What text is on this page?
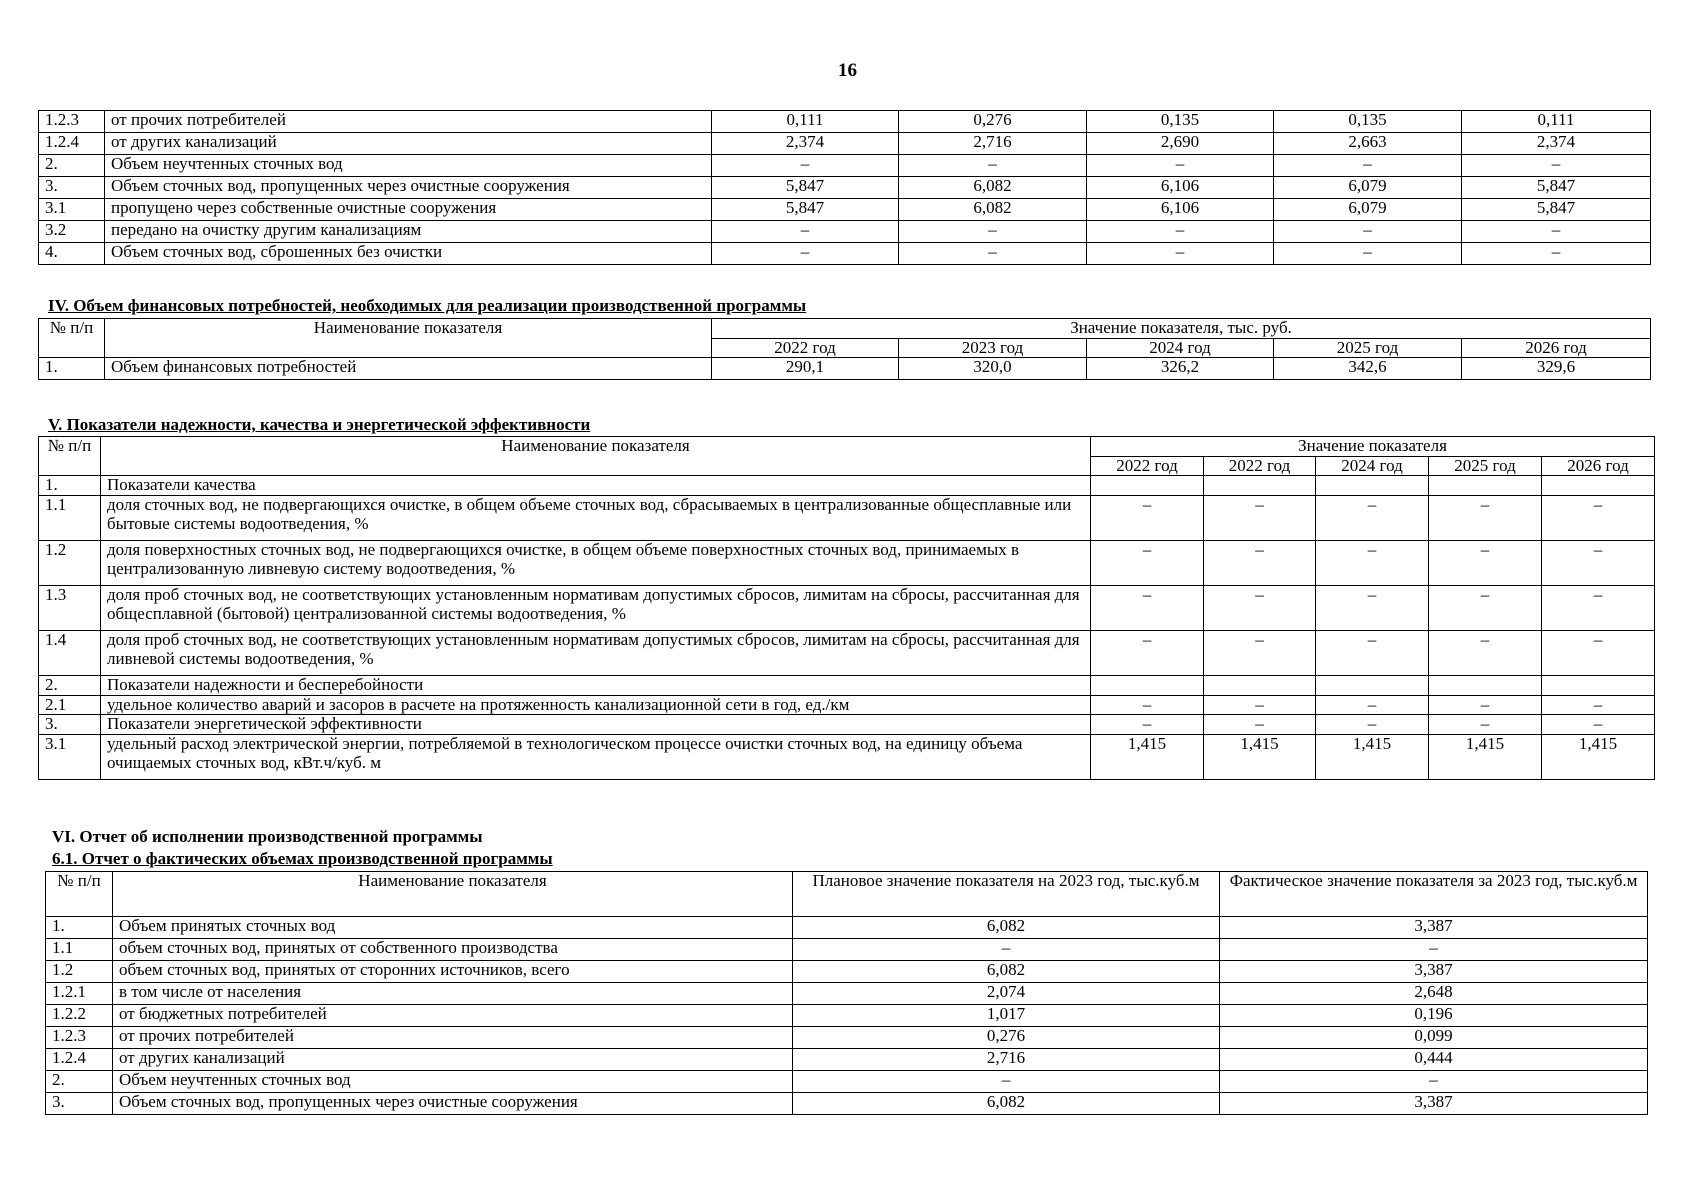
16
1.2.3	от прочих потребителей	0,111	0,276	0,135	0,135	0,111
1.2.4	от других канализаций	2,374	2,716	2,690	2,663	2,374
2.	Объем неучтенных сточных вод	–	–	–	–	–
3.	Объем сточных вод, пропущенных через очистные сооружения	5,847	6,082	6,106	6,079	5,847
3.1	пропущено через собственные очистные сооружения	5,847	6,082	6,106	6,079	5,847
3.2	передано на очистку другим канализациям	–	–	–	–	–
4.	Объем сточных вод, сброшенных без очистки	–	–	–	–	–
IV. Объем финансовых потребностей, необходимых для реализации производственной программы
№ п/п	Наименование показателя	Значение показателя, тыс. руб.				
		2022 год	2023 год	2024 год	2025 год	2026 год
1.	Объем финансовых потребностей	290,1	320,0	326,2	342,6	329,6
V. Показатели надежности, качества и энергетической эффективности
№ п/п	Наименование показателя	Значение показателя				
		2022 год	2022 год	2024 год	2025 год	2026 год
1.	Показатели качества					
1.1	доля сточных вод, не подвергающихся очистке, в общем объеме сточных вод, сбрасываемых в централизованные общесплавные или бытовые системы водоотведения, %	–	–	–	–	–
1.2	доля поверхностных сточных вод, не подвергающихся очистке, в общем объеме поверхностных сточных вод, принимаемых в централизованную ливневую систему водоотведения, %	–	–	–	–	–
1.3	доля проб сточных вод, не соответствующих установленным нормативам допустимых сбросов, лимитам на сбросы, рассчитанная для общесплавной (бытовой) централизованной системы водоотведения, %	–	–	–	–	–
1.4	доля проб сточных вод, не соответствующих установленным нормативам допустимых сбросов, лимитам на сбросы, рассчитанная для ливневой системы водоотведения, %	–	–	–	–	–
2.	Показатели надежности и бесперебойности					
2.1	удельное количество аварий и засоров в расчете на протяженность канализационной сети в год, ед./км	–	–	–	–	–
3.	Показатели энергетической эффективности	–	–	–	–	–
3.1	удельный расход электрической энергии, потребляемой в технологическом процессе очистки сточных вод, на единицу объема очищаемых сточных вод, кВт.ч/куб. м	1,415	1,415	1,415	1,415	1,415
VI. Отчет об исполнении производственной программы
6.1. Отчет о фактических объемах производственной программы
№ п/п	Наименование показателя	Плановое значение показателя на 2023 год, тыс.куб.м	Фактическое значение показателя за 2023 год, тыс.куб.м
1.	Объем принятых сточных вод	6,082	3,387
1.1	объем сточных вод, принятых от собственного производства	–	–
1.2	объем сточных вод, принятых от сторонних источников, всего	6,082	3,387
1.2.1	в том числе от населения	2,074	2,648
1.2.2	от бюджетных потребителей	1,017	0,196
1.2.3	от прочих потребителей	0,276	0,099
1.2.4	от других канализаций	2,716	0,444
2.	Объем неучтенных сточных вод	–	–
3.	Объем сточных вод, пропущенных через очистные сооружения	6,082	3,387
